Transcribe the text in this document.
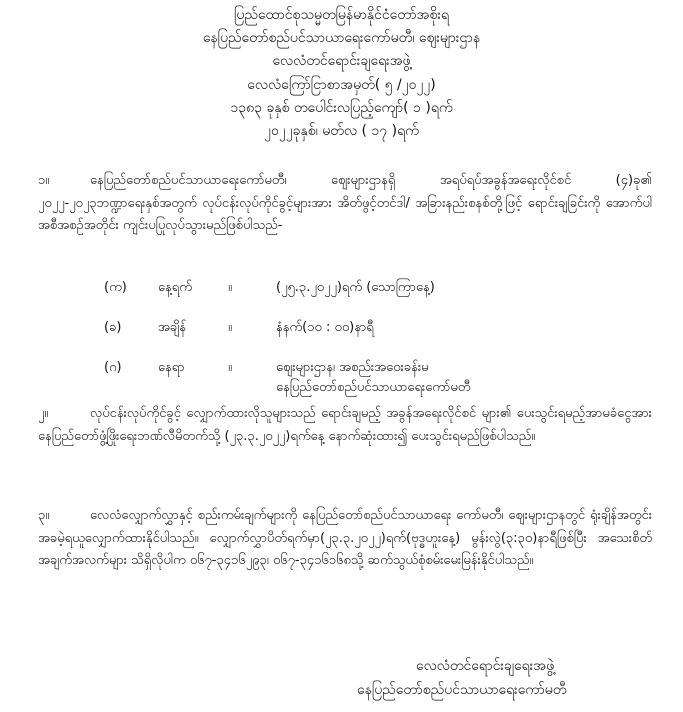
ပြည်ထောင်စုသမ္မတမြန်မာနိုင်ငံတော်အစိုးရ
နေပြည်တော်စည်ပင်သာယာရေးကော်မတီ၊ ဈေးများဌာန
လေလံတင်ရောင်းချရေးအဖွဲ့
လေလံကြော်ငြာစာအမှတ်( ၅ /၂၀၂၂)
၁၃၈၃ ခုနှစ် တပေါင်းလပြည့်ကျော်( ၁ )ရက်
၂၀၂၂ခုနှစ်၊ မတ်လ ( ၁၇ )ရက်
၁။	နေပြည်တော်စည်ပင်သာယာရေးကော်မတီ၊ ဈေးများဌာနရှိ အရပ်ရပ်အခွန်အရေးလိုင်စင် (၄)ခု၏ ၂၀၂၂-၂၀၂၃ဘဏ္ဍာရေးနှစ်အတွက် လုပ်ငန်းလုပ်ကိုင်ခွင့်များအား အိတ်ဖွင့်တင်ဒါ/ အခြားနည်းစနစ်တို့ဖြင့် ရောင်းချခြင်းကို အောက်ပါအစီအစဉ်အတိုင်း ကျင်းပပြုလုပ်သွားမည်ဖြစ်ပါသည်-
(က) နေ့ရက်	။	(၂၅.၃.၂၀၂၂)ရက် (သောကြာနေ့)
(ခ)	အချိန်	။	နံနက်(၁၀ : ၀၀)နာရီ
(ဂ)	နေရာ	။	ဈေးများဌာန၊ အစည်းအဝေးခန်းမ
နေပြည်တော်စည်ပင်သာယာရေးကော်မတီ
၂။	လုပ်ငန်းလုပ်ကိုင်ခွင့် လျှောက်ထားလိုသူများသည် ရောင်းချမည့် အခွန်အရေးလိုင်စင် များ၏ ပေးသွင်းရမည့်အာမခံငွေအား နေပြည်တော်ဖွံ့ဖြိုးရေးဘဏ်လီမိတက်သို့ (၂၃.၃.၂၀၂၂)ရက်နေ့ နောက်ဆုံးထား၍ ပေးသွင်းရမည်ဖြစ်ပါသည်။
၃။	လေလံလျှောက်လွှာနှင့် စည်းကမ်းချက်များကို နေပြည်တော်စည်ပင်သာယာရေး ကော်မတီ၊ ဈေးများဌာနတွင် ရုံးချိန်အတွင်း အခမဲ့ရယူလျှောက်ထားနိုင်ပါသည်။ လျှောက်လွှာပိတ်ရက်မှာ(၂၃.၃.၂၀၂၂)ရက်(ဗုဒ္ဓဟူးနေ့) မွန်းလွဲ(၃:၃၀)နာရီဖြစ်ပြီး အသေးစိတ်အချက်အလက်များ သိရှိလိုပါက ၀၆၇-၃၄၁၆၂၉၃၊ ၀၆၇-၃၄၁၆၁၆၈သို့ ဆက်သွယ်စုံစမ်းမေးမြန်းနိုင်ပါသည်။
လေလံတင်ရောင်းချရေးအဖွဲ့
နေပြည်တော်စည်ပင်သာယာရေးကော်မတီ
